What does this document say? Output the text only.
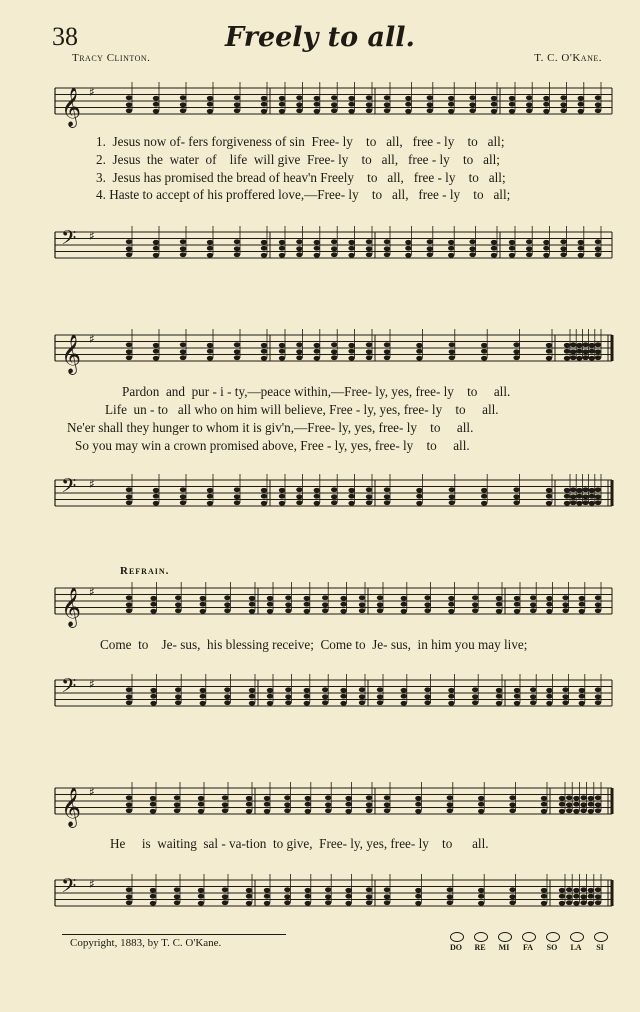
38	Freely to all.
Tracy Clinton.	T. C. O'Kane.
𝄞 ♯
1.  Jesus now of- fers forgiveness of sin  Free- ly    to   all,   free - ly    to   all;
2.  Jesus  the  water  of    life  will give  Free- ly    to   all,   free - ly    to   all;
3.  Jesus has promised the bread of heav'n Freely    to   all,   free - ly    to   all;
4. Haste to accept of his proffered love,—Free- ly    to   all,   free - ly    to   all;
𝄢 ♯
𝄞 ♯
Pardon  and  pur - i - ty,—peace within,—Free- ly, yes, free- ly    to     all.
Life  un - to   all who on him will believe, Free - ly, yes, free- ly    to     all.
Ne'er shall they hunger to whom it is giv'n,—Free- ly, yes, free- ly    to     all.
So you may win a crown promised above, Free - ly, yes, free- ly    to     all.
𝄢 ♯
Refrain.
𝄞 ♯
Come  to    Je- sus,  his blessing receive;  Come to  Je- sus,  in him you may live;
𝄢 ♯
𝄞 ♯
He     is  waiting  sal - va-tion  to give,  Free- ly, yes, free- ly    to      all.
𝄢 ♯
Copyright, 1883, by T. C. O'Kane.	DO	RE	MI	FA	SO	LA	SI
